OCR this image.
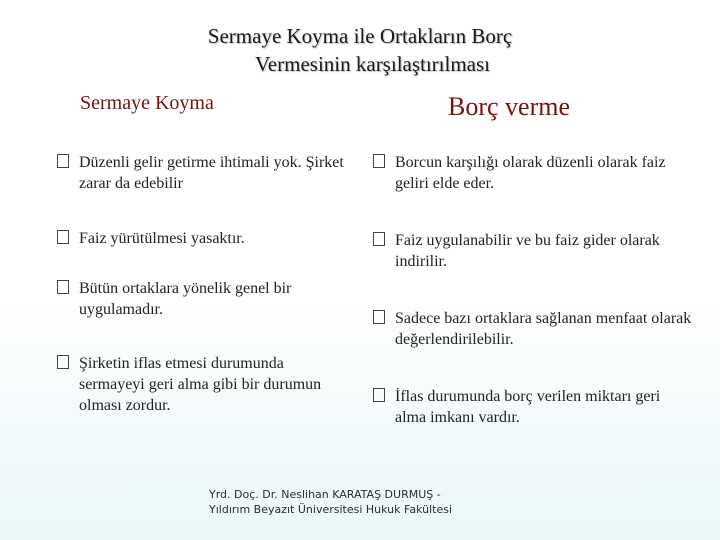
Sermaye Koyma ile Ortakların Borç
Vermesinin karşılaştırılması
Sermaye Koyma	Borç verme
Düzenli gelir getirme ihtimali yok. Şirket zarar da edebilir
Faiz yürütülmesi yasaktır.
Bütün ortaklara yönelik genel bir uygulamadır.
Şirketin iflas etmesi durumunda sermayeyi geri alma gibi bir durumun olması zordur.
Borcun karşılığı olarak düzenli olarak faiz geliri elde eder.
Faiz uygulanabilir ve bu faiz gider olarak indirilir.
Sadece bazı ortaklara sağlanan menfaat olarak değerlendirilebilir.
İflas durumunda borç verilen miktarı geri alma imkanı vardır.
Yrd. Doç. Dr. Neslihan KARATAŞ DURMUŞ -
Yıldırım Beyazıt Üniversitesi Hukuk Fakültesi
